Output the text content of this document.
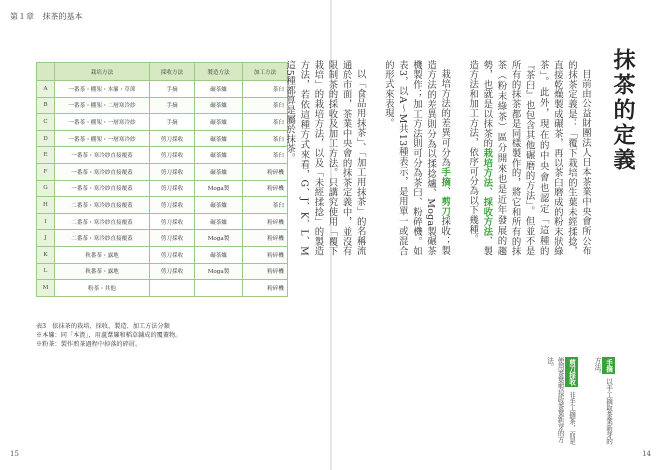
第１章 抹茶的基本
	栽培方法	採收方法	製造方法	加工方法
A	一番茶・棚架・本簾・草蓆	手摘	碾茶爐	茶臼
B	一番茶・棚架・二層寒冷紗	手摘	碾茶爐	茶臼
C	一番茶・棚架・一層寒冷紗	手摘	碾茶爐	茶臼
D	一番茶・棚架・一層寒冷紗	剪刀採收	碾茶爐	茶臼
E	一番茶・寒冷紗直接覆蓋	剪刀採收	碾茶爐	茶臼
F	一番茶・寒冷紗直接覆蓋	剪刀採收	碾茶爐	粉碎機
G	一番茶・寒冷紗直接覆蓋	剪刀採收	Moga製	粉碎機
H	二番茶・寒冷紗直接覆蓋	剪刀採收	碾茶爐	茶臼
I	二番茶・寒冷紗直接覆蓋	剪刀採收	碾茶爐	粉碎機
J	二番茶・寒冷紗直接覆蓋	剪刀採收	Moga製	粉碎機
K	秋番茶・露地	剪刀採收	碾茶爐	粉碎機
L	秋番茶・露地	剪刀採收	Moga製	粉碎機
M	粉茶・其他			粉碎機
表3　依抹茶的栽培、採收、製造、加工方法分類
※本簾：同「本簀」，用蘆葦簾和稻草鋪成的覆蓋物。
※粉茶：製作煎茶過程中掉落的碎屑。
15
抹茶的定義

目前由公益財團法人日本茶業中央會所公布的抹茶定義是：「覆下栽培的生葉未經揉捻，直接乾燥製成碾茶，再以茶臼磨成的粉末狀綠茶」。此外，現在的中央會也認定「這種的『茶臼』也包含其他碾磨的方法」。但並不是所有的抹茶都是同樣製作的，將它和所有的抹茶（粉末綠茶）區分開來也是近年發展的趨勢，也就是以抹茶的栽培方法、採收方法、製造方法和加工方法，依序可分為以下幾種。

栽培方法的差異可分為手摘、剪刀採收；製造方法的差異則分為以揉捻爐、Moga製碾茶機製作；加工方法則可分為茶臼、粉碎機。如表3，以A～M共13種表示，是用單一或混合的形式來表現。

以「食品用抹茶」、「加工用抹茶」的名稱流通於市面，茶業中央會的抹茶定義中，並沒有限制茶的採收及加工方法。只講究使用「覆下栽培」的栽培方法，以及「未經揉捻」的製造方法，若依這種方式來看，G、J、K、L、M這5種都算是屬於抹茶。

手摘 以手工摘取茶葉新芽的方法。
剪刀採收 非手工摘茶，而是使用茶葉剪採收茶葉新芽的方法。
14
